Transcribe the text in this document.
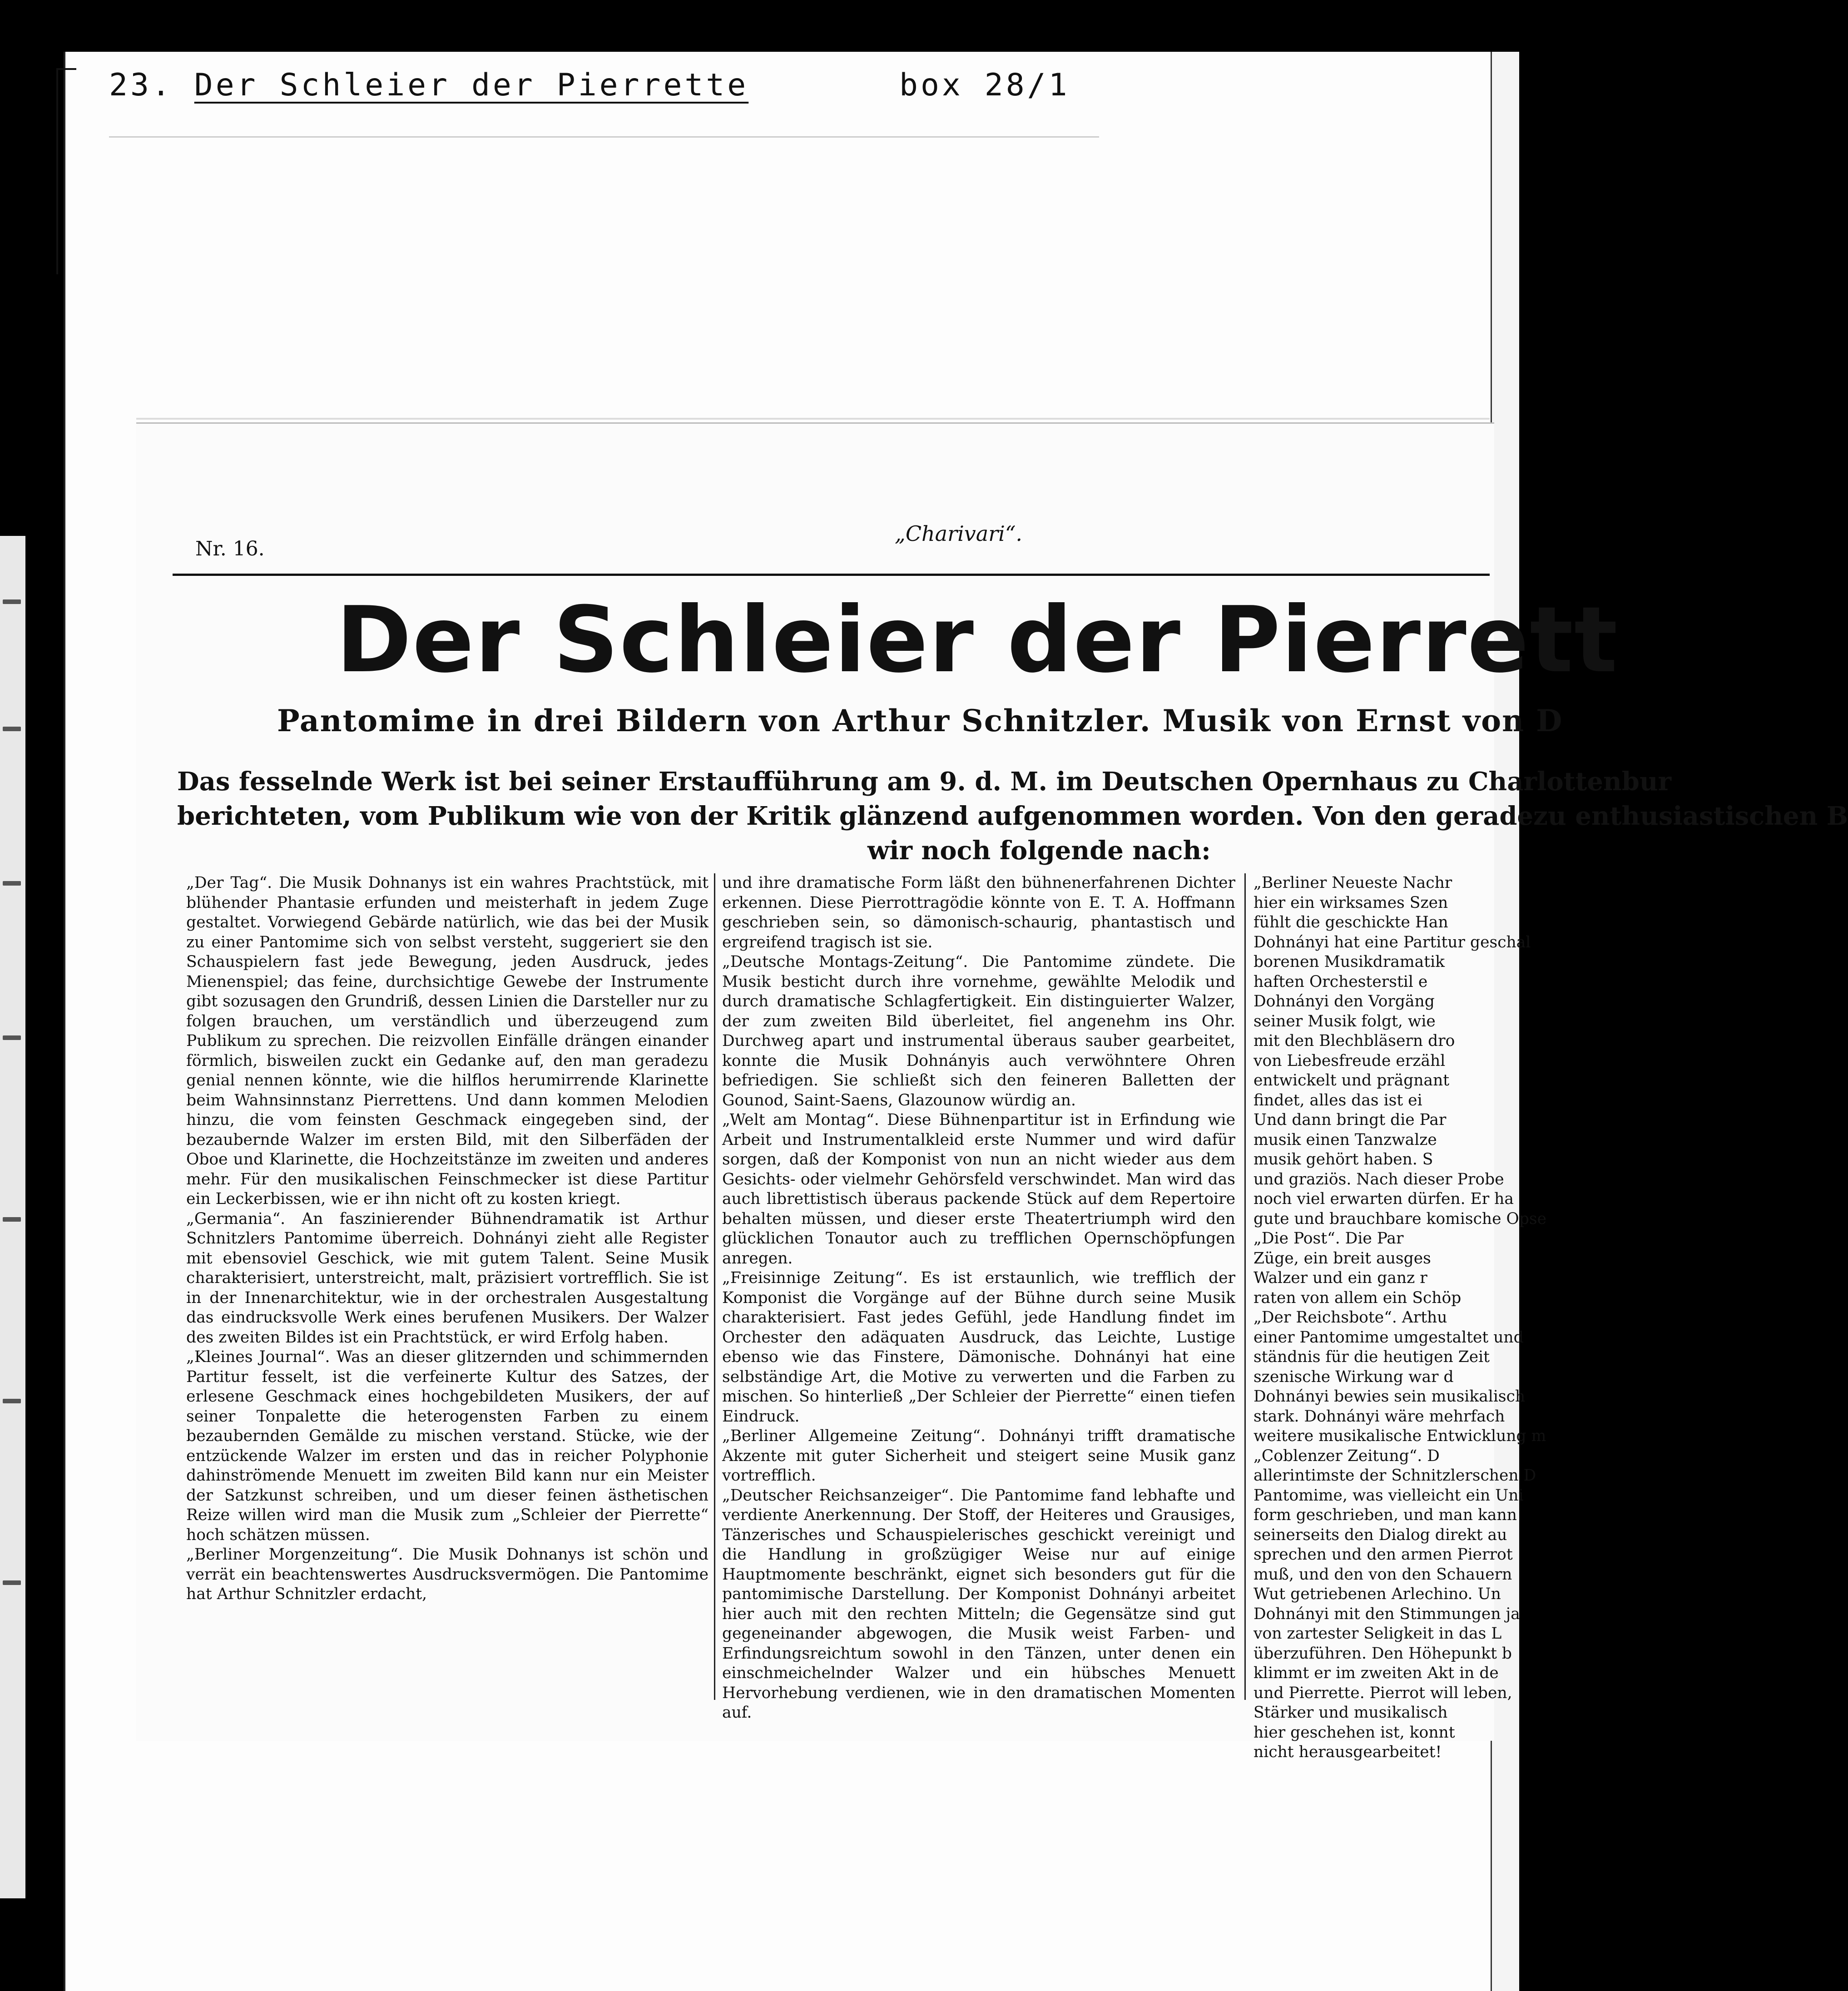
23. Der Schleier der Pierrette	box 28/1
Nr. 16.
„Charivari“.
Der Schleier der Pierrett
Pantomime in drei Bildern von Arthur Schnitzler. Musik von Ernst von D
Das fesselnde Werk ist bei seiner Erstaufführung am 9. d. M. im Deutschen Opernhaus zu Charlottenbur
berichteten, vom Publikum wie von der Kritik glänzend aufgenommen worden. Von den geradezu enthusiastischen B
wir noch folgende nach:

„Der Tag“. Die Musik Dohnanys ist ein wahres Prachtstück, mit blühender Phantasie erfunden und meisterhaft in jedem Zuge gestaltet. Vorwiegend Gebärde natürlich, wie das bei der Musik zu einer Pantomime sich von selbst versteht, suggeriert sie den Schauspielern fast jede Bewegung, jeden Ausdruck, jedes Mienenspiel; das feine, durchsichtige Gewebe der Instrumente gibt sozusagen den Grundriß, dessen Linien die Darsteller nur zu folgen brauchen, um verständlich und überzeugend zum Publikum zu sprechen. Die reizvollen Einfälle drängen einander förmlich, bisweilen zuckt ein Gedanke auf, den man geradezu genial nennen könnte, wie die hilflos herumirrende Klarinette beim Wahnsinnstanz Pierrettens. Und dann kommen Melodien hinzu, die vom feinsten Geschmack eingegeben sind, der bezaubernde Walzer im ersten Bild, mit den Silberfäden der Oboe und Klarinette, die Hochzeitstänze im zweiten und anderes mehr. Für den musikalischen Feinschmecker ist diese Partitur ein Leckerbissen, wie er ihn nicht oft zu kosten kriegt.

„Germania“. An faszinierender Bühnendramatik ist Arthur Schnitzlers Pantomime überreich. Dohnányi zieht alle Register mit ebensoviel Geschick, wie mit gutem Talent. Seine Musik charakterisiert, unterstreicht, malt, präzisiert vortrefflich. Sie ist in der Innenarchitektur, wie in der orchestralen Ausgestaltung das eindrucksvolle Werk eines berufenen Musikers. Der Walzer des zweiten Bildes ist ein Prachtstück, er wird Erfolg haben.

„Kleines Journal“. Was an dieser glitzernden und schimmernden Partitur fesselt, ist die verfeinerte Kultur des Satzes, der erlesene Geschmack eines hochgebildeten Musikers, der auf seiner Tonpalette die heterogensten Farben zu einem bezaubernden Gemälde zu mischen verstand. Stücke, wie der entzückende Walzer im ersten und das in reicher Polyphonie dahinströmende Menuett im zweiten Bild kann nur ein Meister der Satzkunst schreiben, und um dieser feinen ästhetischen Reize willen wird man die Musik zum „Schleier der Pierrette“ hoch schätzen müssen.

„Berliner Morgenzeitung“. Die Musik Dohnanys ist schön und verrät ein beachtenswertes Ausdrucksvermögen. Die Pantomime hat Arthur Schnitzler erdacht,

und ihre dramatische Form läßt den bühnenerfahrenen Dichter erkennen. Diese Pierrottragödie könnte von E. T. A. Hoffmann geschrieben sein, so dämonisch-schaurig, phantastisch und ergreifend tragisch ist sie.

„Deutsche Montags-Zeitung“. Die Pantomime zündete. Die Musik besticht durch ihre vornehme, gewählte Melodik und durch dramatische Schlagfertigkeit. Ein distinguierter Walzer, der zum zweiten Bild überleitet, fiel angenehm ins Ohr. Durchweg apart und instrumental überaus sauber gearbeitet, konnte die Musik Dohnányis auch verwöhntere Ohren befriedigen. Sie schließt sich den feineren Balletten der Gounod, Saint-Saens, Glazounow würdig an.

„Welt am Montag“. Diese Bühnenpartitur ist in Erfindung wie Arbeit und Instrumentalkleid erste Nummer und wird dafür sorgen, daß der Komponist von nun an nicht wieder aus dem Gesichts- oder vielmehr Gehörsfeld verschwindet. Man wird das auch librettistisch überaus packende Stück auf dem Repertoire behalten müssen, und dieser erste Theatertriumph wird den glücklichen Tonautor auch zu trefflichen Opernschöpfungen anregen.

„Freisinnige Zeitung“. Es ist erstaunlich, wie trefflich der Komponist die Vorgänge auf der Bühne durch seine Musik charakterisiert. Fast jedes Gefühl, jede Handlung findet im Orchester den adäquaten Ausdruck, das Leichte, Lustige ebenso wie das Finstere, Dämonische. Dohnányi hat eine selbständige Art, die Motive zu verwerten und die Farben zu mischen. So hinterließ „Der Schleier der Pierrette“ einen tiefen Eindruck.

„Berliner Allgemeine Zeitung“. Dohnányi trifft dramatische Akzente mit guter Sicherheit und steigert seine Musik ganz vortrefflich.

„Deutscher Reichsanzeiger“. Die Pantomime fand lebhafte und verdiente Anerkennung. Der Stoff, der Heiteres und Grausiges, Tänzerisches und Schauspielerisches geschickt vereinigt und die Handlung in großzügiger Weise nur auf einige Hauptmomente beschränkt, eignet sich besonders gut für die pantomimische Darstellung. Der Komponist Dohnányi arbeitet hier auch mit den rechten Mitteln; die Gegensätze sind gut gegeneinander abgewogen, die Musik weist Farben- und Erfindungsreichtum sowohl in den Tänzen, unter denen ein einschmeichelnder Walzer und ein hübsches Menuett Hervorhebung verdienen, wie in den dramatischen Momenten auf.

„Berliner Neueste Nachr
hier ein wirksames Szen
fühlt die geschickte Han
Dohnányi hat eine Partitur geschal
borenen Musikdramatik
haften Orchesterstil e
Dohnányi den Vorgäng
seiner Musik folgt, wie
mit den Blechbläsern dro
von Liebesfreude erzähl
entwickelt und prägnant
findet, alles das ist ei
Und dann bringt die Par
musik einen Tanzwalze
musik gehört haben. S
und graziös. Nach dieser Probe
noch viel erwarten dürfen. Er ha
gute und brauchbare komische Opse
„Die Post“. Die Par
Züge, ein breit ausges
Walzer und ein ganz r
raten von allem ein Schöp
„Der Reichsbote“. Arthu
einer Pantomime umgestaltet und
ständnis für die heutigen Zeit
szenische Wirkung war d
Dohnányi bewies sein musikalisch
stark. Dohnányi wäre mehrfach
weitere musikalische Entwicklung m
„Coblenzer Zeitung“. D
allerintimste der Schnitzlerschen D
Pantomime, was vielleicht ein Uni
form geschrieben, und man kann
seinerseits den Dialog direkt au
sprechen und den armen Pierrot
muß, und den von den Schauern
Wut getriebenen Arlechino. Un
Dohnányi mit den Stimmungen ja
von zartester Seligkeit in das L
überzuführen. Den Höhepunkt b
klimmt er im zweiten Akt in de
und Pierrette. Pierrot will leben,
Stärker und musikalisch
hier geschehen ist, konnt
nicht herausgearbeitet!
